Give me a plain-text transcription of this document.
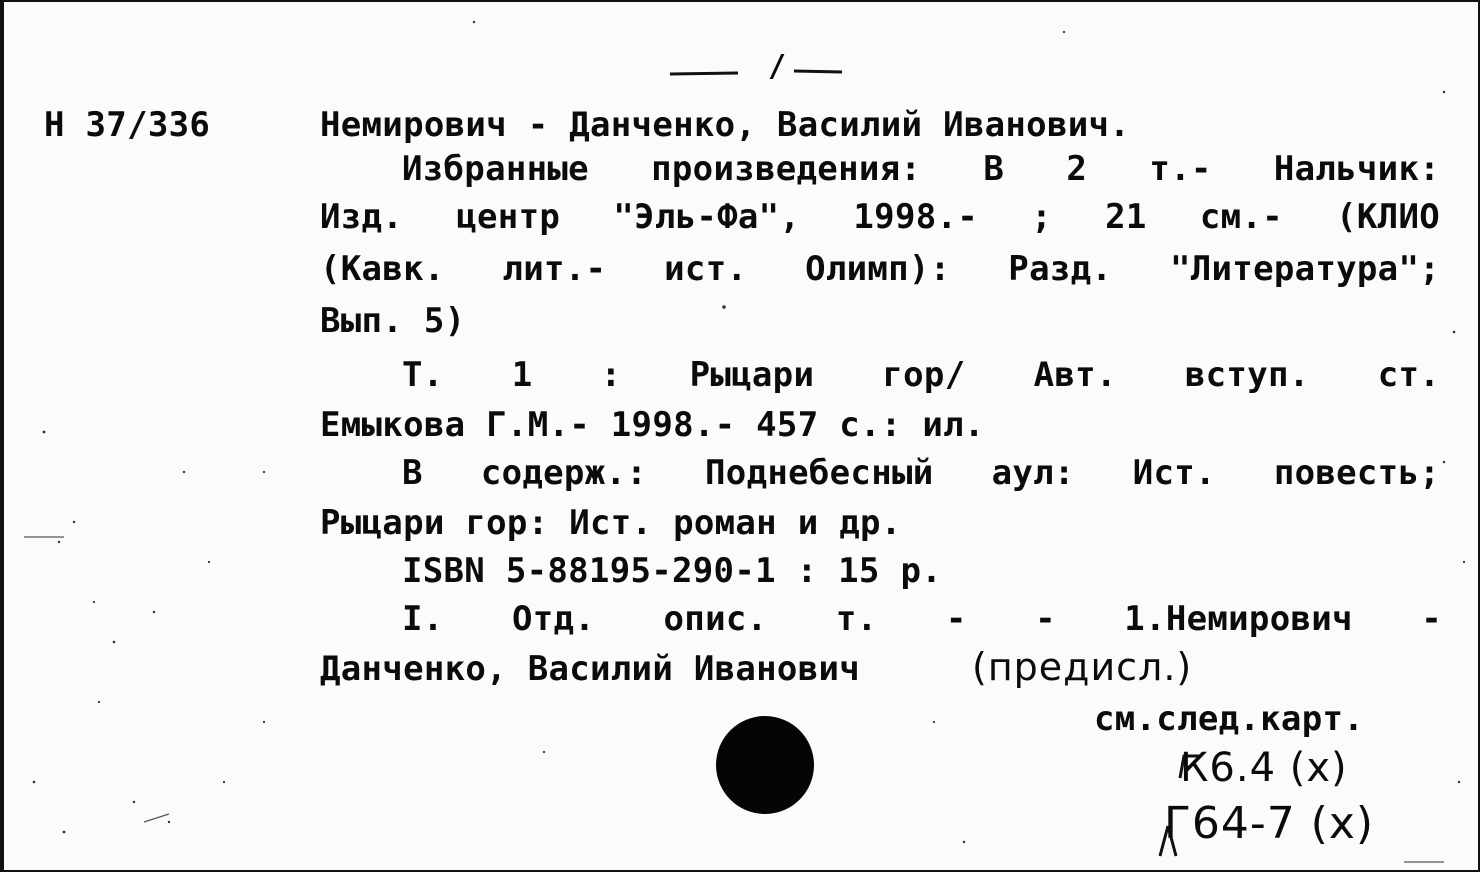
/
Н 37/336	Немирович - Данченко, Василий Иванович.
Избранные произведения: В 2 т.- Нальчик:
Изд. центр "Эль-Фа", 1998.- ; 21 см.- (КЛИО
(Кавк. лит.- ист. Олимп): Разд. "Литература";
Вып. 5)
Т. 1 : Рыцари гор/ Авт. вступ. ст.
Емыкова Г.М.- 1998.- 457 с.: ил.
В содерж.: Поднебесный аул: Ист. повесть;
Рыцари гор: Ист. роман и др.
ISBN 5-88195-290-1 : 15 р.
I. Отд. опис. т. - - 1.Немирович -
Данченко, Василий Иванович	(предисл.)
см.след.карт.
К6.4 (х)
Г64-7 (х)
